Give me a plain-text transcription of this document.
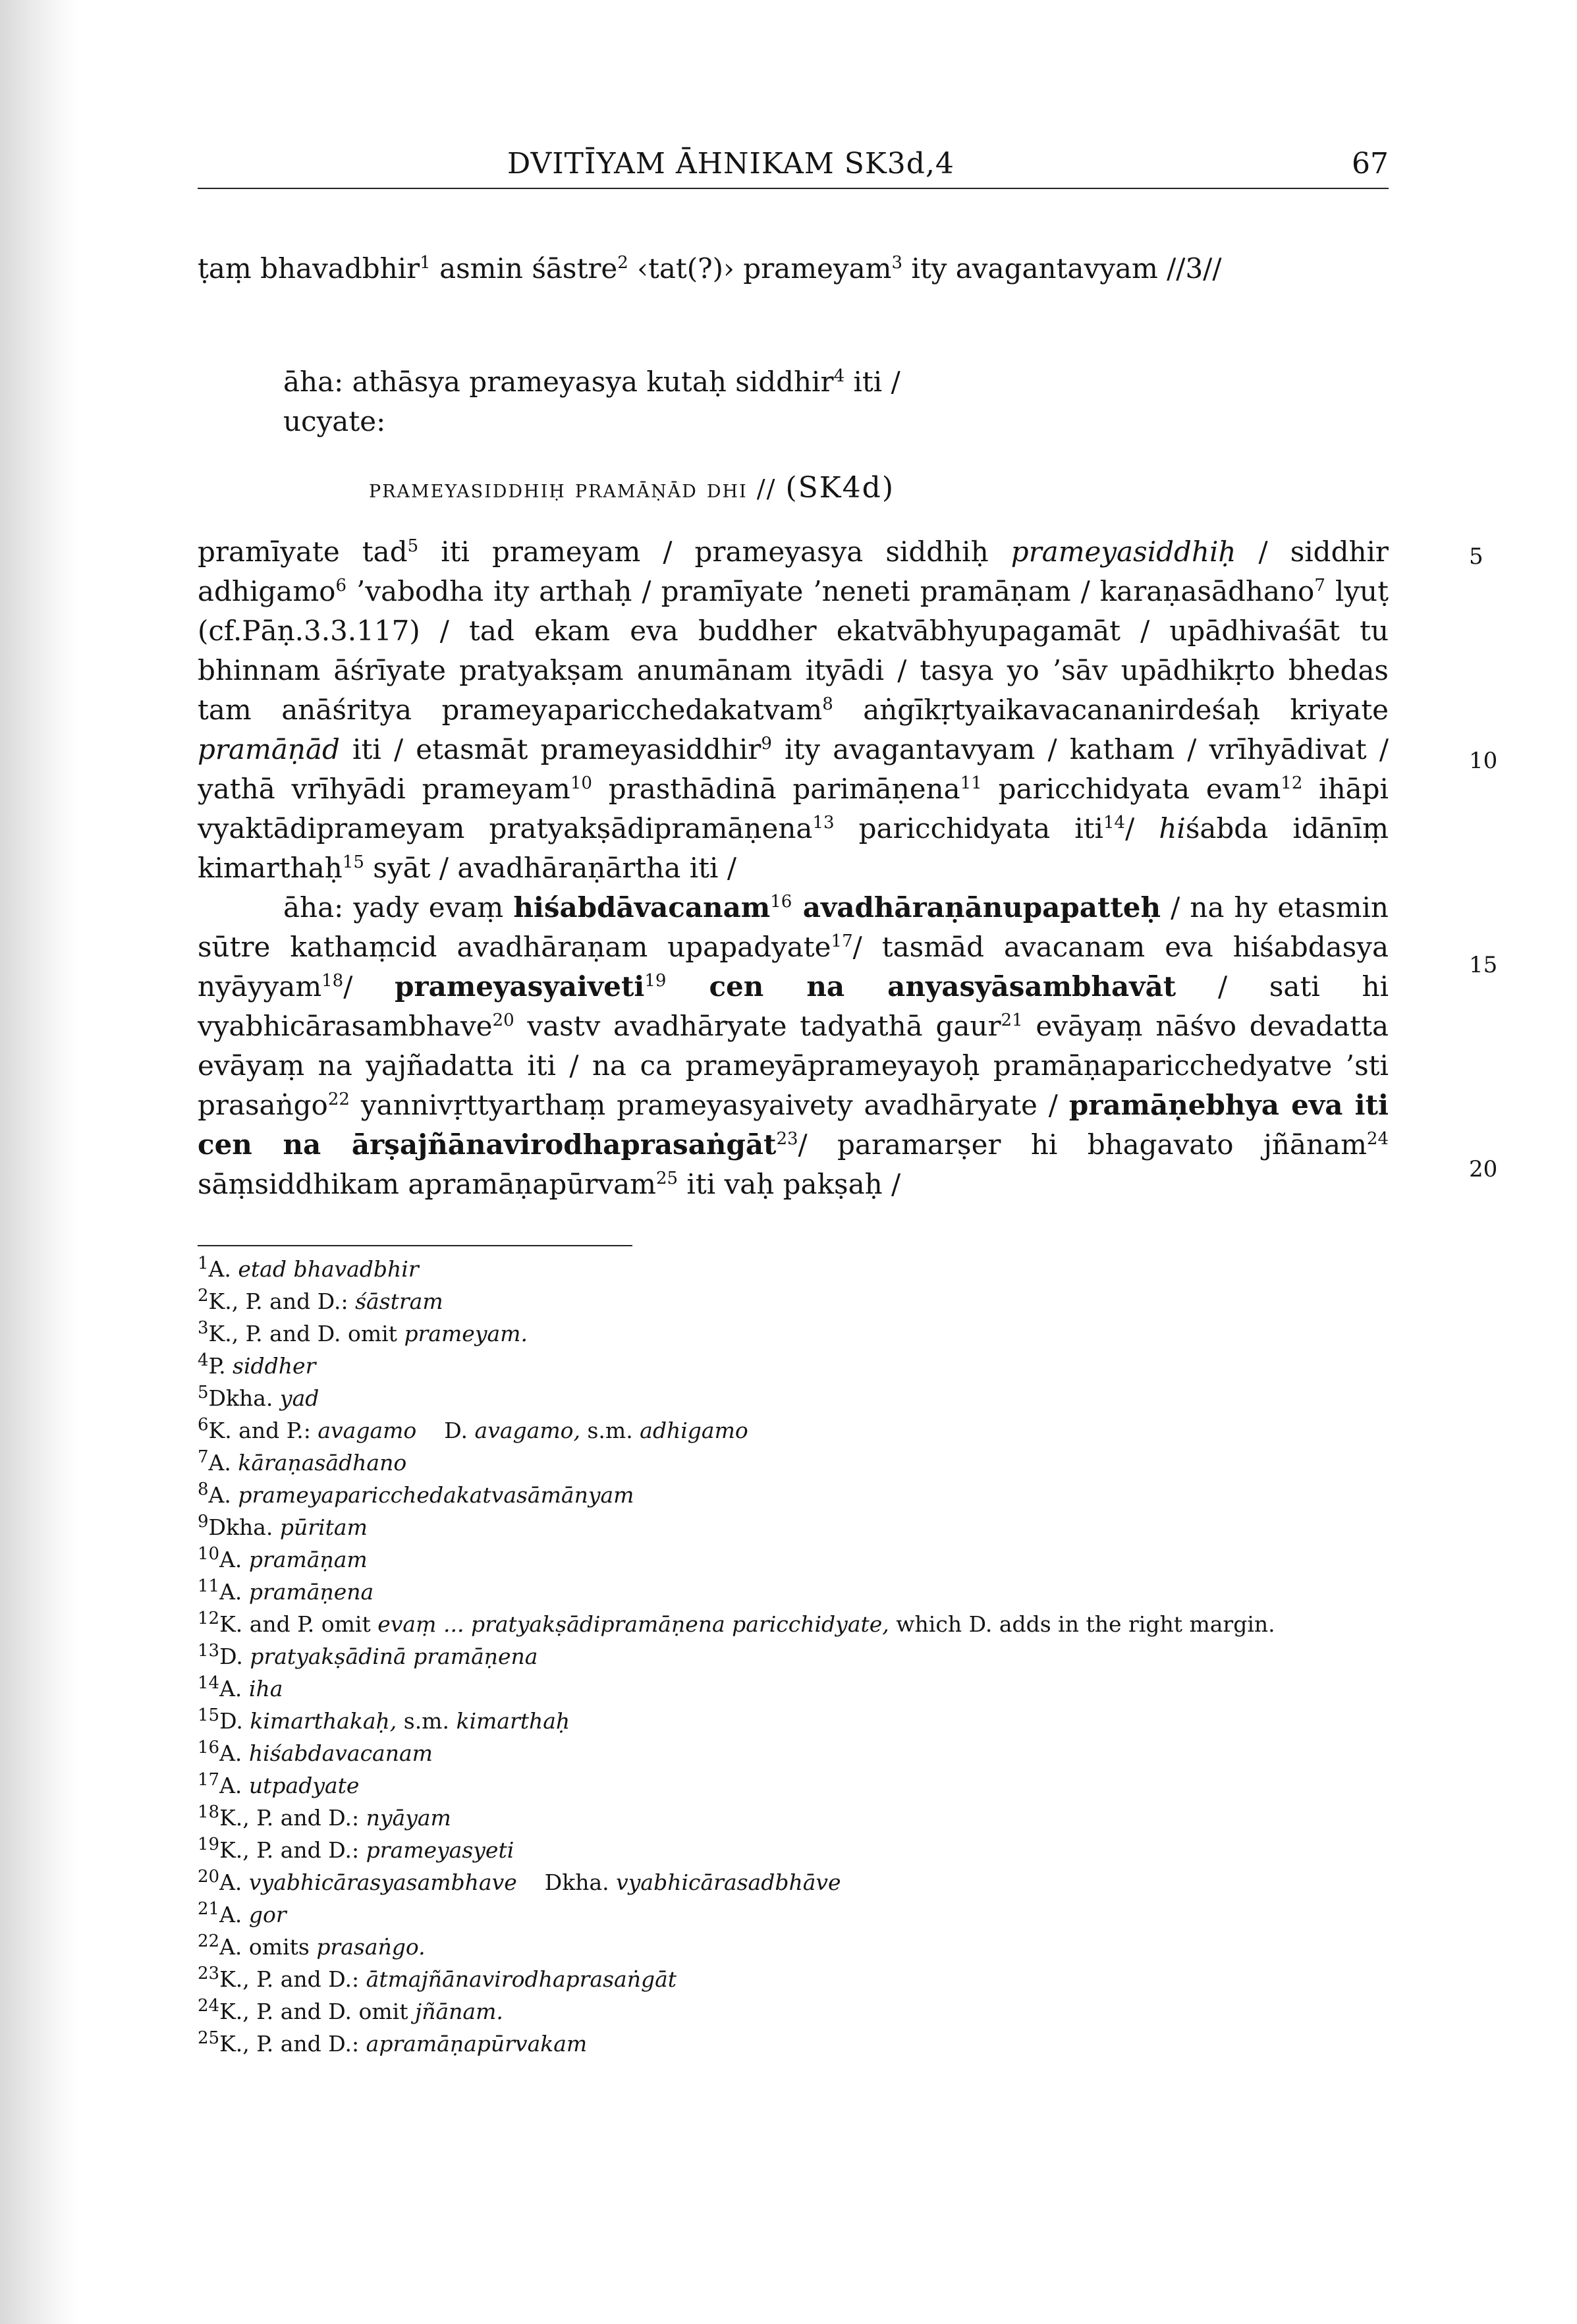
DVITĪYAM ĀHNIKAM SK3d,4	67

ṭaṃ bhavadbhir$^1$ asmin śāstre$^2$ ‹tat(?)› prameyam$^3$ ity avagantavyam //3//

āha: athāsya prameyasya kutaḥ siddhir$^4$ iti /
ucyate:
prameyasiddhiḥ pramāṇād dhi // (SK4d)

pramīyate tad$^5$ iti prameyam / prameyasya siddhiḥ prameyasiddhiḥ / siddhir adhigamo$^6$ ’vabodha ity arthaḥ / pramīyate ’neneti pramāṇam / karaṇasādhano$^7$ lyuṭ (cf.Pāṇ.3.3.117) / tad ekam eva buddher ekatvābhyupagamāt / upādhivaśāt tu bhinnam āśrīyate pratyakṣam anumānam ityādi / tasya yo ’sāv upādhikṛto bhedas tam anāśritya prameyaparicchedakatvam$^8$ aṅgīkṛtyaikavacananirdeśaḥ kriyate pramāṇād iti / etasmāt prameyasiddhir$^9$ ity avagantavyam / katham / vrīhyādivat / yathā vrīhyādi prameyam$^{10}$ prasthādinā parimāṇena$^{11}$ paricchidyata evam$^{12}$ ihāpi vyaktādiprameyam pratyakṣādipramāṇena$^{13}$ paricchidyata iti$^{14}$/ hiśabda idānīṃ kimarthaḥ$^{15}$ syāt / avadhāraṇārtha iti /

āha: yady evaṃ hiśabdāvacanam$^{16}$ avadhāraṇānupapatteḥ / na hy etasmin sūtre kathaṃcid avadhāraṇam upapadyate$^{17}$/ tasmād avacanam eva hiśabdasya nyāyyam$^{18}$/ prameyasyaiveti$^{19}$ cen na anyasyāsambhavāt / sati hi vyabhicārasambhave$^{20}$ vastv avadhāryate tadyathā gaur$^{21}$ evāyaṃ nāśvo devadatta evāyaṃ na yajñadatta iti / na ca prameyāprameyayoḥ pramāṇaparicchedyatve ’sti prasaṅgo$^{22}$ yannivṛttyarthaṃ prameyasyaivety avadhāryate / pramāṇebhya eva iti cen na ārṣajñānavirodhaprasaṅgāt$^{23}$/ paramarṣer hi bhagavato jñānam$^{24}$ sāṃsiddhikam apramāṇapūrvam$^{25}$ iti vaḥ pakṣaḥ /

5
10
15
20
$^1$A. etad bhavadbhir
$^2$K., P. and D.: śāstram
$^3$K., P. and D. omit prameyam.
$^4$P. siddher
$^5$Dkha. yad
$^6$K. and P.: avagamo    D. avagamo, s.m. adhigamo
$^7$A. kāraṇasādhano
$^8$A. prameyaparicchedakatvasāmānyam
$^9$Dkha. pūritam
$^{10}$A. pramāṇam
$^{11}$A. pramāṇena
$^{12}$K. and P. omit evaṃ ... pratyakṣādipramāṇena paricchidyate, which D. adds in the right margin.
$^{13}$D. pratyakṣādinā pramāṇena
$^{14}$A. iha
$^{15}$D. kimarthakaḥ, s.m. kimarthaḥ
$^{16}$A. hiśabdavacanam
$^{17}$A. utpadyate
$^{18}$K., P. and D.: nyāyam
$^{19}$K., P. and D.: prameyasyeti
$^{20}$A. vyabhicārasyasambhave    Dkha. vyabhicārasadbhāve
$^{21}$A. gor
$^{22}$A. omits prasaṅgo.
$^{23}$K., P. and D.: ātmajñānavirodhaprasaṅgāt
$^{24}$K., P. and D. omit jñānam.
$^{25}$K., P. and D.: apramāṇapūrvakam
